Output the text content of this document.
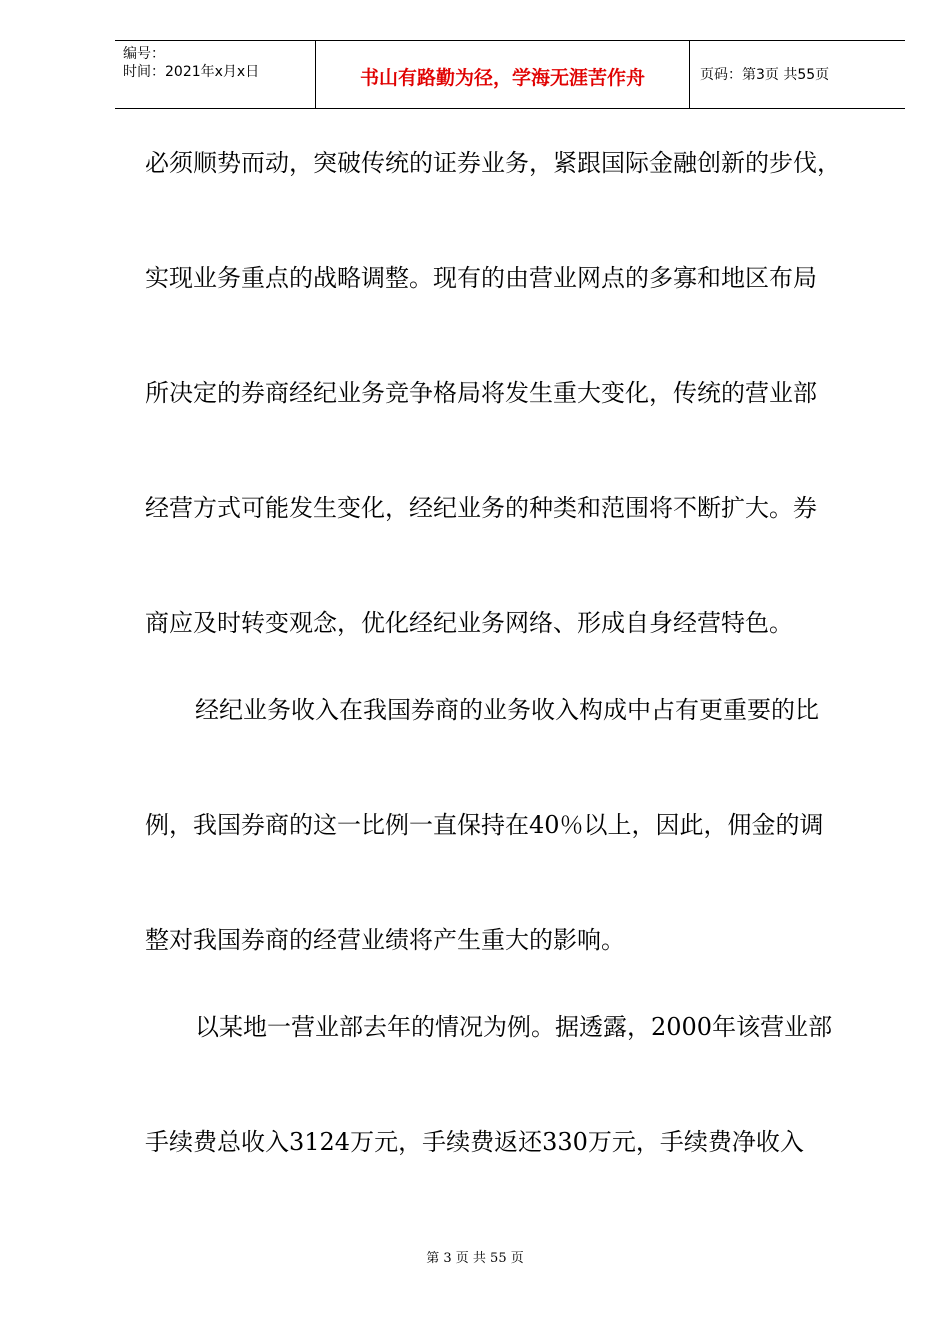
编号：
时间：2021年x月x日	书山有路勤为径，学海无涯苦作舟	页码：第3页 共55页
必须顺势而动，突破传统的证券业务，紧跟国际金融创新的步伐，
实现业务重点的战略调整。现有的由营业网点的多寡和地区布局
所决定的券商经纪业务竞争格局将发生重大变化，传统的营业部
经营方式可能发生变化，经纪业务的种类和范围将不断扩大。券
商应及时转变观念，优化经纪业务网络、形成自身经营特色。
经纪业务收入在我国券商的业务收入构成中占有更重要的比
例，我国券商的这一比例一直保持在40％以上，因此，佣金的调
整对我国券商的经营业绩将产生重大的影响。
以某地一营业部去年的情况为例。据透露，2000年该营业部
手续费总收入3124万元，手续费返还330万元，手续费净收入
第 3 页 共 55 页
